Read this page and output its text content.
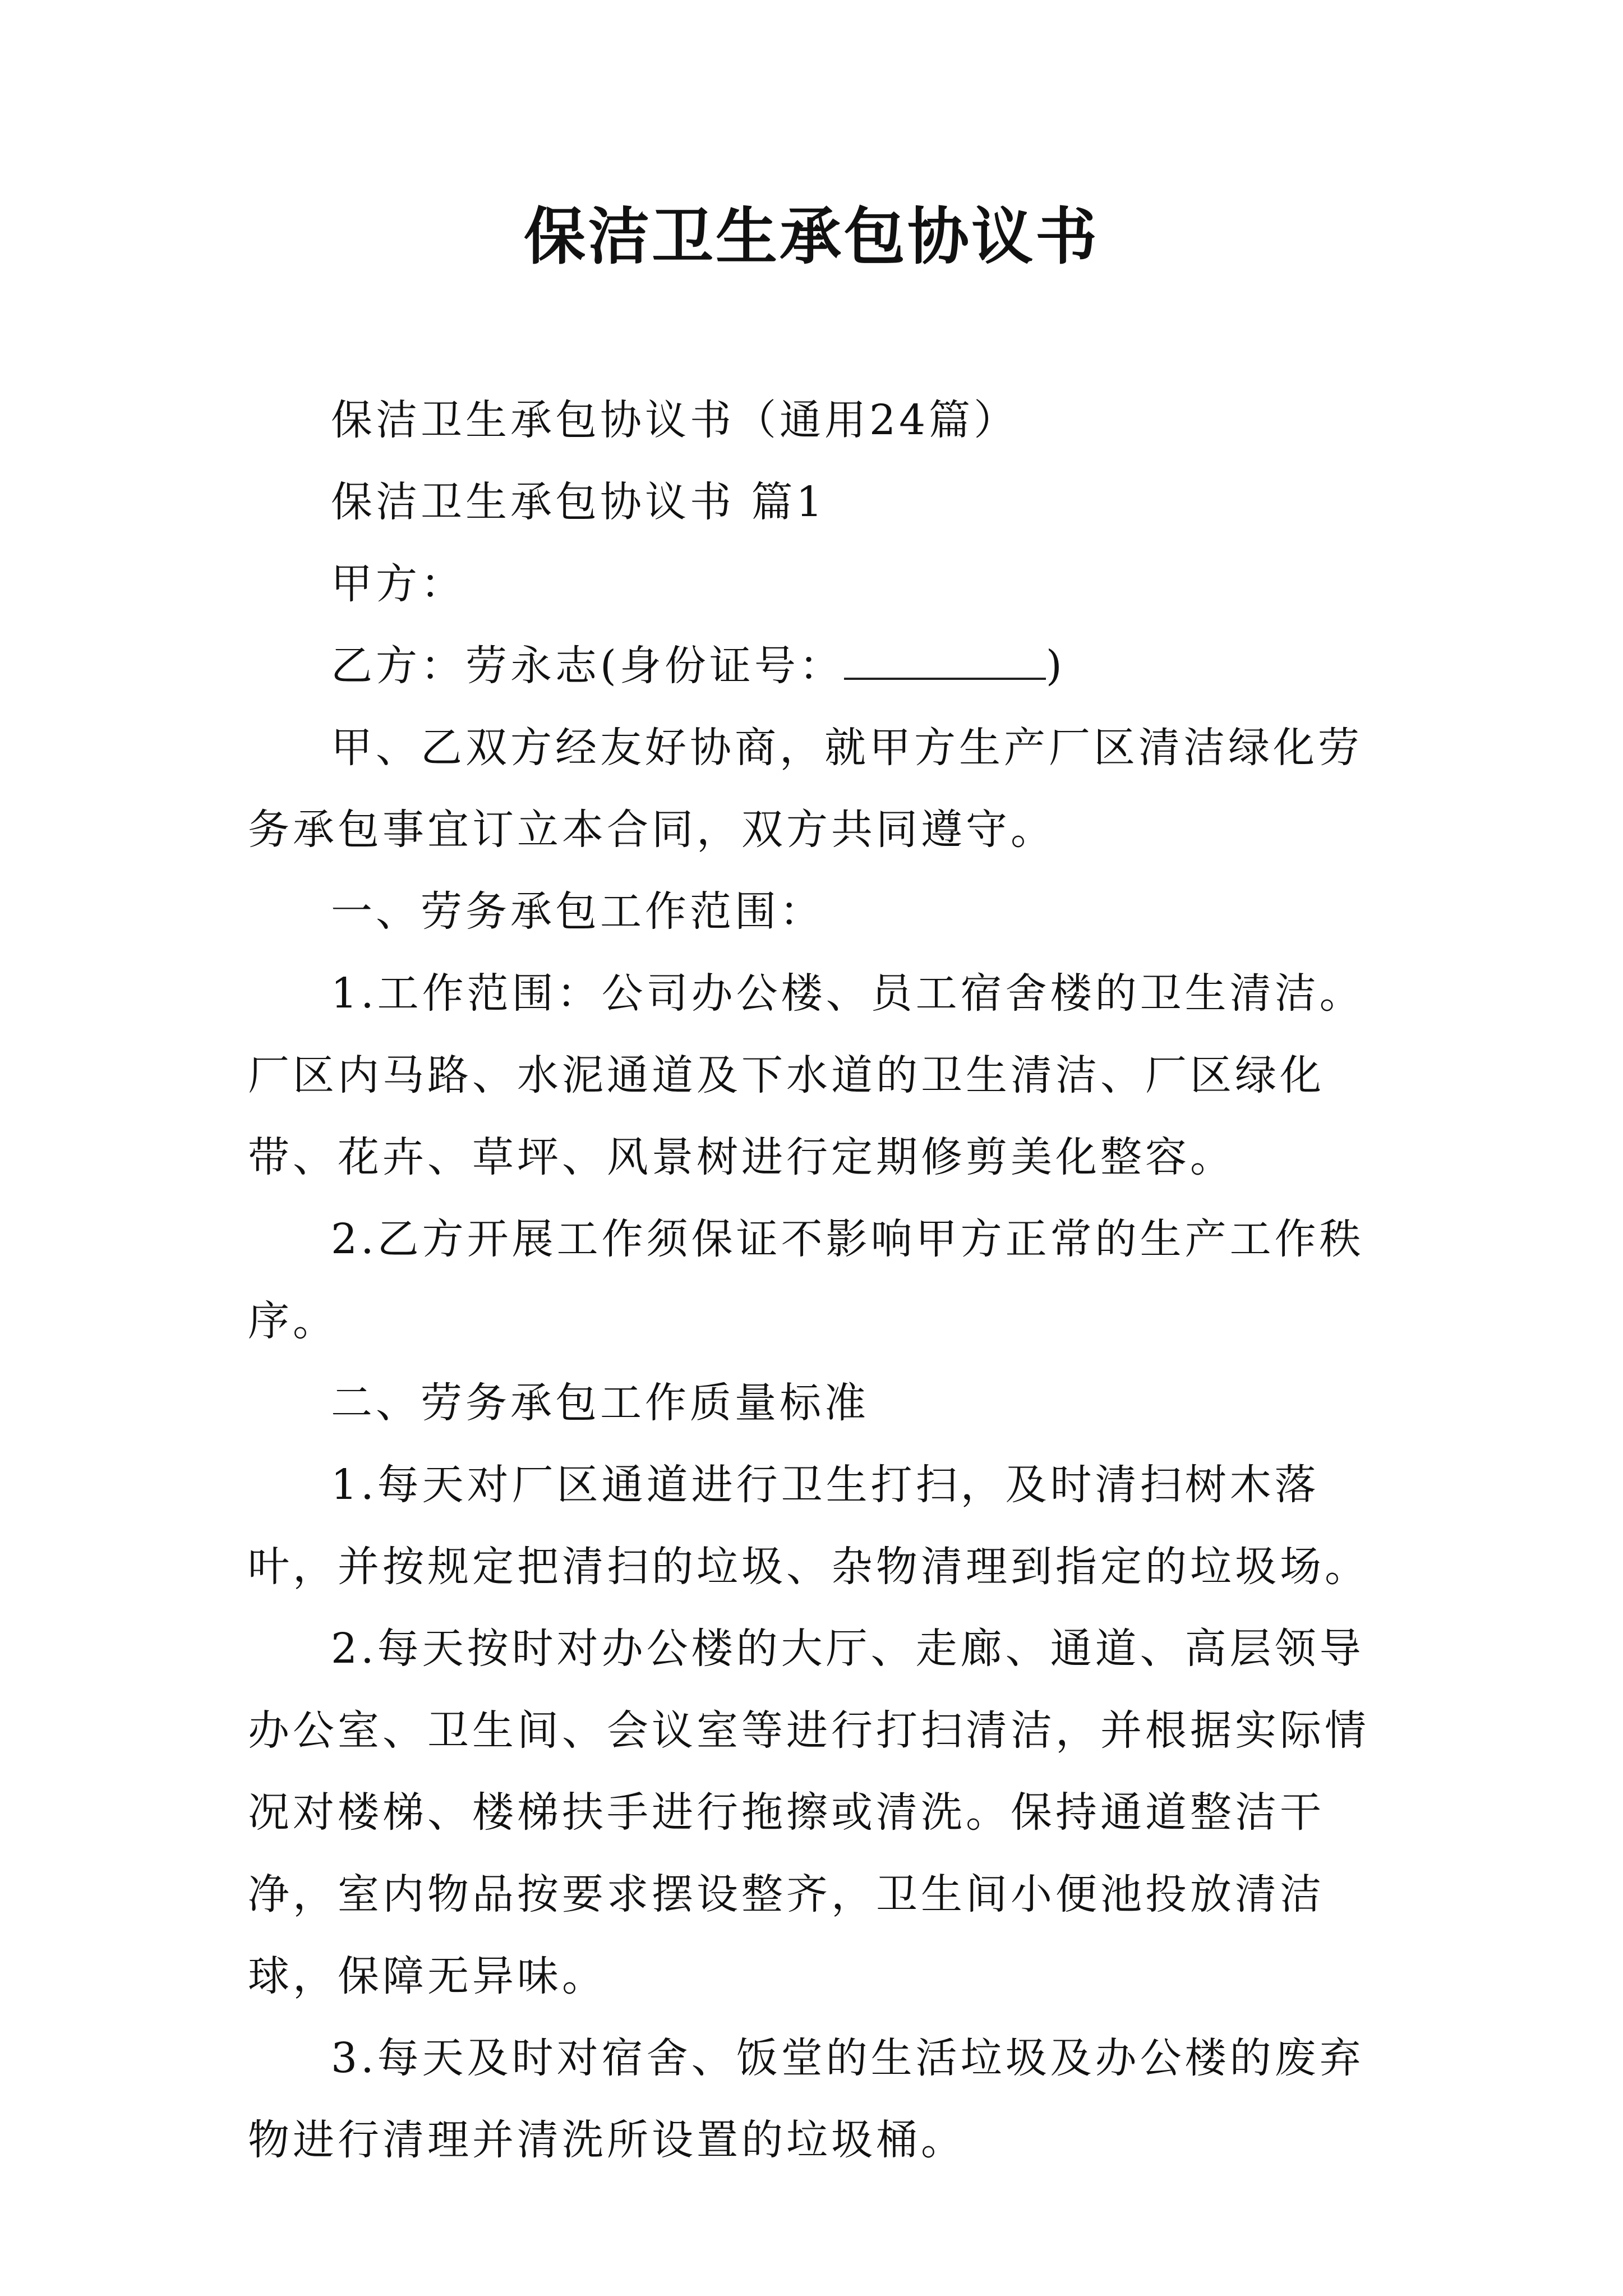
保洁卫生承包协议书

保洁卫生承包协议书（通用24篇）

保洁卫生承包协议书 篇1

甲方：

乙方：劳永志(身份证号：	)

甲、乙双方经友好协商，就甲方生产厂区清洁绿化劳务承包事宜订立本合同，双方共同遵守。

一、劳务承包工作范围：

1.工作范围：公司办公楼、员工宿舍楼的卫生清洁。厂区内马路、水泥通道及下水道的卫生清洁、厂区绿化带、花卉、草坪、风景树进行定期修剪美化整容。

2.乙方开展工作须保证不影响甲方正常的生产工作秩序。

二、劳务承包工作质量标准

1.每天对厂区通道进行卫生打扫，及时清扫树木落叶，并按规定把清扫的垃圾、杂物清理到指定的垃圾场。

2.每天按时对办公楼的大厅、走廊、通道、高层领导办公室、卫生间、会议室等进行打扫清洁，并根据实际情况对楼梯、楼梯扶手进行拖擦或清洗。保持通道整洁干净，室内物品按要求摆设整齐，卫生间小便池投放清洁球，保障无异味。

3.每天及时对宿舍、饭堂的生活垃圾及办公楼的废弃物进行清理并清洗所设置的垃圾桶。
